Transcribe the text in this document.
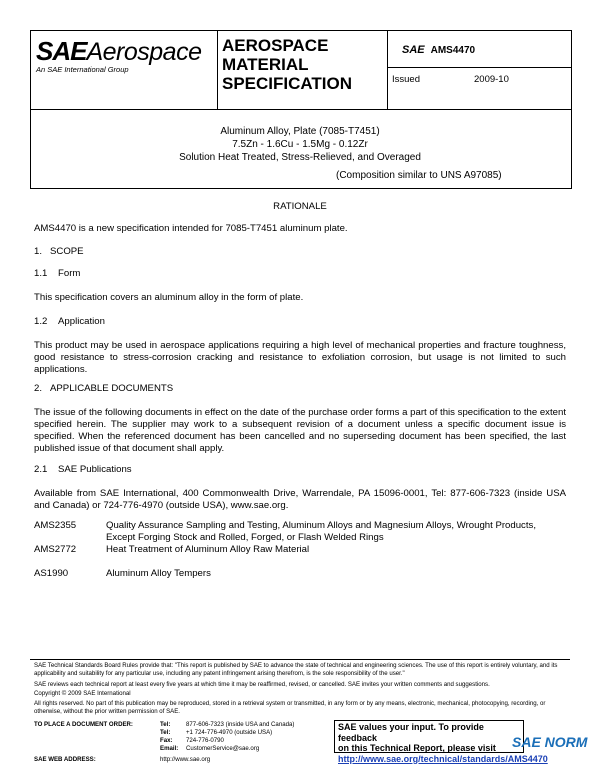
SAEAerospace
An SAE International Group
AEROSPACE
MATERIAL
SPECIFICATION
SAE AMS4470
Issued	2009-10
Aluminum Alloy, Plate (7085-T7451)
7.5Zn - 1.6Cu - 1.5Mg - 0.12Zr
Solution Heat Treated, Stress-Relieved, and Overaged
(Composition similar to UNS A97085)
RATIONALE
AMS4470 is a new specification intended for 7085-T7451 aluminum plate.
1.   SCOPE
1.1    Form
This specification covers an aluminum alloy in the form of plate.
1.2    Application
This product may be used in aerospace applications requiring a high level of mechanical properties and fracture toughness, good resistance to stress-corrosion cracking and resistance to exfoliation corrosion, but usage is not limited to such applications.
2.   APPLICABLE DOCUMENTS
The issue of the following documents in effect on the date of the purchase order forms a part of this specification to the extent specified herein. The supplier may work to a subsequent revision of a document unless a specific document issue is specified. When the referenced document has been cancelled and no superseding document has been specified, the last published issue of that document shall apply.
2.1    SAE Publications
Available from SAE International, 400 Commonwealth Drive, Warrendale, PA 15096-0001, Tel: 877-606-7323 (inside USA and Canada) or 724-776-4970 (outside USA), www.sae.org.
AMS2355	Quality Assurance Sampling and Testing, Aluminum Alloys and Magnesium Alloys, Wrought Products, Except Forging Stock and Rolled, Forged, or Flash Welded Rings
AMS2772	Heat Treatment of Aluminum Alloy Raw Material
AS1990	Aluminum Alloy Tempers
SAE Technical Standards Board Rules provide that: "This report is published by SAE to advance the state of technical and engineering sciences. The use of this report is entirely voluntary, and its applicability and suitability for any particular use, including any patent infringement arising therefrom, is the sole responsibility of the user."
SAE reviews each technical report at least every five years at which time it may be reaffirmed, revised, or cancelled. SAE invites your written comments and suggestions.
Copyright © 2009 SAE International
All rights reserved. No part of this publication may be reproduced, stored in a retrieval system or transmitted, in any form or by any means, electronic, mechanical, photocopying, recording, or otherwise, without the prior written permission of SAE.
TO PLACE A DOCUMENT ORDER:	Tel:	877-606-7323 (inside USA and Canada)
Tel:	+1 724-776-4970 (outside USA)
Fax: 724-776-0790
Email: CustomerService@sae.org
SAE WEB ADDRESS:	http://www.sae.org
SAE values your input. To provide feedback
on this Technical Report, please visit
http://www.sae.org/technical/standards/AMS4470
SAE NORM
